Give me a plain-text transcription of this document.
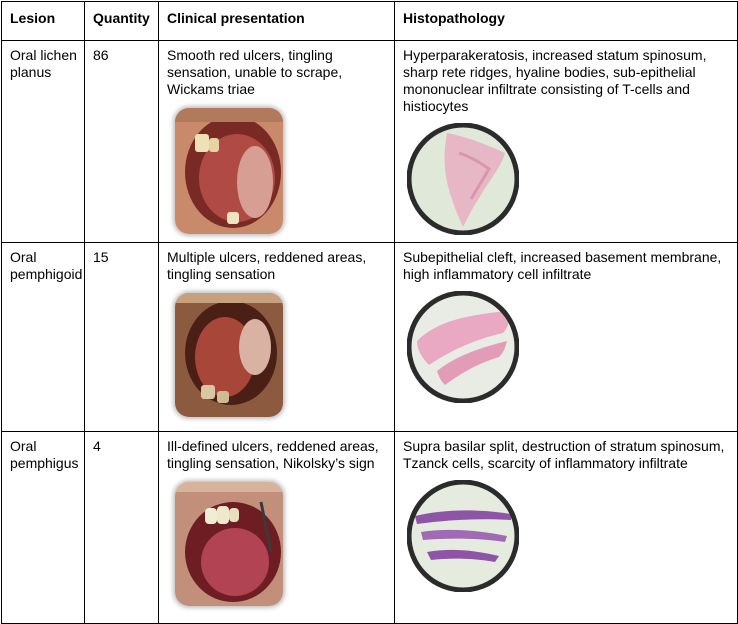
Lesion	Quantity	Clinical presentation	Histopathology
Oral lichen planus	86	Smooth red ulcers, tingling sensation, unable to scrape, Wickams triae	Hyperparakeratosis, increased statum spinosum, sharp rete ridges, hyaline bodies, sub-epithelial mononuclear infiltrate consisting of T-cells and histiocytes

Oral pemphigoid	15	Multiple ulcers, reddened areas, tingling sensation	Subepithelial cleft, increased basement membrane, high inflammatory cell infiltrate

Oral pemphigus	4	Ill-defined ulcers, reddened areas, tingling sensation, Nikolsky’s sign	Supra basilar split, destruction of stratum spinosum, Tzanck cells, scarcity of inflammatory infiltrate
